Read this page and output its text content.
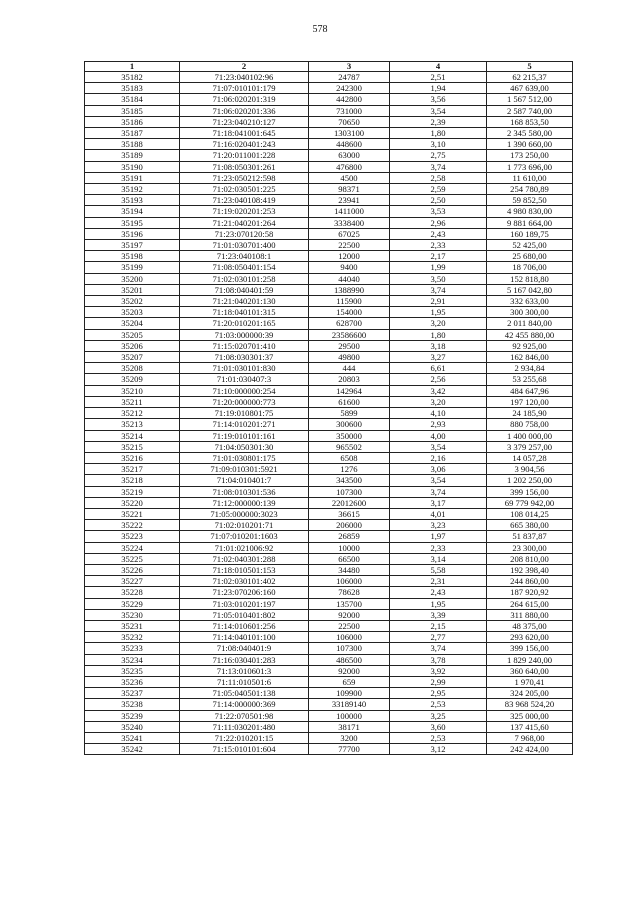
578
1	2	3	4	5
35182	71:23:040102:96	24787	2,51	62 215,37
35183	71:07:010101:179	242300	1,94	467 639,00
35184	71:06:020201:319	442800	3,56	1 567 512,00
35185	71:06:020201:336	731000	3,54	2 587 740,00
35186	71:23:040210:127	70650	2,39	168 853,50
35187	71:18:041001:645	1303100	1,80	2 345 580,00
35188	71:16:020401:243	448600	3,10	1 390 660,00
35189	71:20:011001:228	63000	2,75	173 250,00
35190	71:08:050301:261	476800	3,74	1 773 696,00
35191	71:23:050212:598	4500	2,58	11 610,00
35192	71:02:030501:225	98371	2,59	254 780,89
35193	71:23:040108:419	23941	2,50	59 852,50
35194	71:19:020201:253	1411000	3,53	4 980 830,00
35195	71:21:040201:264	3338400	2,96	9 881 664,00
35196	71:23:070120:58	67025	2,43	160 189,75
35197	71:01:030701:400	22500	2,33	52 425,00
35198	71:23:040108:1	12000	2,17	25 680,00
35199	71:08:050401:154	9400	1,99	18 706,00
35200	71:02:030101:258	44040	3,50	152 818,80
35201	71:08:040401:59	1388990	3,74	5 167 042,80
35202	71:21:040201:130	115900	2,91	332 633,00
35203	71:18:040101:315	154000	1,95	300 300,00
35204	71:20:010201:165	628700	3,20	2 011 840,00
35205	71:03:000000:39	23586600	1,80	42 455 880,00
35206	71:15:020701:410	29500	3,18	92 925,00
35207	71:08:030301:37	49800	3,27	162 846,00
35208	71:01:030101:830	444	6,61	2 934,84
35209	71:01:030407:3	20803	2,56	53 255,68
35210	71:10:000000:254	142964	3,42	484 647,96
35211	71:20:000000:773	61600	3,20	197 120,00
35212	71:19:010801:75	5899	4,10	24 185,90
35213	71:14:010201:271	300600	2,93	880 758,00
35214	71:19:010101:161	350000	4,00	1 400 000,00
35215	71:04:050301:30	965502	3,54	3 379 257,00
35216	71:01:030801:175	6508	2,16	14 057,28
35217	71:09:010301:5921	1276	3,06	3 904,56
35218	71:04:010401:7	343500	3,54	1 202 250,00
35219	71:08:010301:536	107300	3,74	399 156,00
35220	71:12:000000:139	22012600	3,17	69 779 942,00
35221	71:05:000000:3023	36615	4,01	108 014,25
35222	71:02:010201:71	206000	3,23	665 380,00
35223	71:07:010201:1603	26859	1,97	51 837,87
35224	71:01:021006:92	10000	2,33	23 300,00
35225	71:02:040301:288	66500	3,14	208 810,00
35226	71:18:010501:153	34480	5,58	192 398,40
35227	71:02:030101:402	106000	2,31	244 860,00
35228	71:23:070206:160	78628	2,43	187 920,92
35229	71:03:010201:197	135700	1,95	264 615,00
35230	71:05:010401:802	92000	3,39	311 880,00
35231	71:14:010601:256	22500	2,15	48 375,00
35232	71:14:040101:100	106000	2,77	293 620,00
35233	71:08:040401:9	107300	3,74	399 156,00
35234	71:16:030401:283	486500	3,78	1 829 240,00
35235	71:13:010601:3	92000	3,92	360 640,00
35236	71:11:010501:6	659	2,99	1 970,41
35237	71:05:040501:138	109900	2,95	324 205,00
35238	71:14:000000:369	33189140	2,53	83 968 524,20
35239	71:22:070501:98	100000	3,25	325 000,00
35240	71:11:030201:480	38171	3,60	137 415,60
35241	71:22:010201:15	3200	2,53	7 968,00
35242	71:15:010101:604	77700	3,12	242 424,00
